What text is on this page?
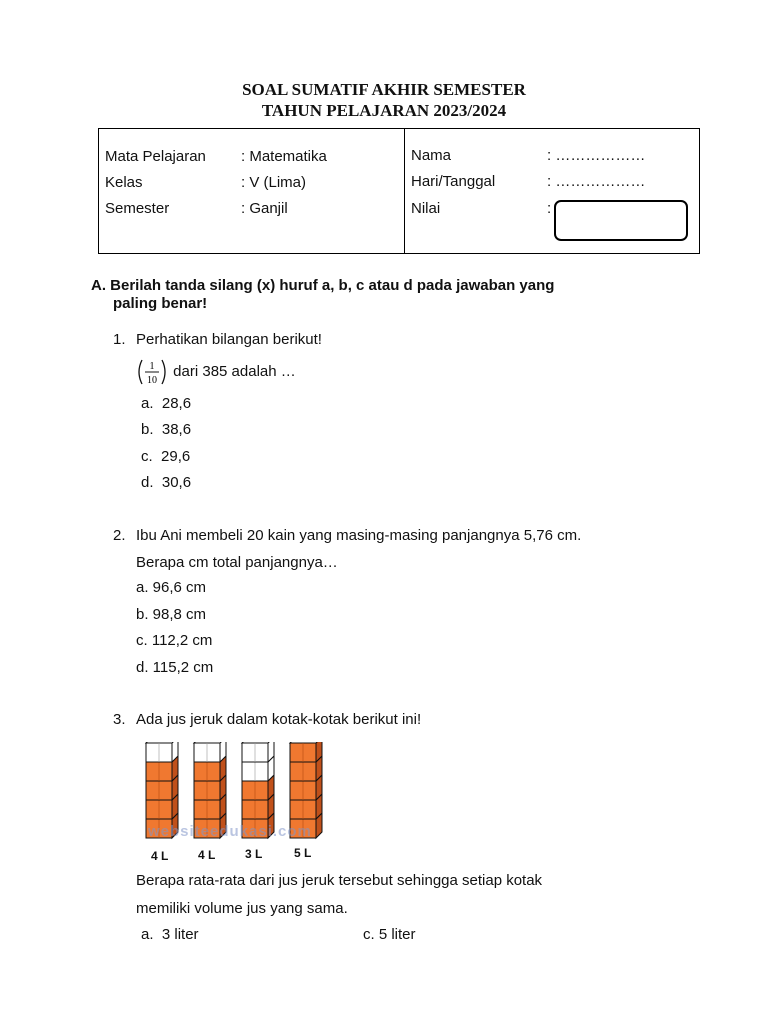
SOAL SUMATIF AKHIR SEMESTER
TAHUN PELAJARAN 2023/2024
Mata Pelajaran : Matematika
Kelas	: V (Lima)
Semester	: Ganjil
Nama	: ………………
Hari/Tanggal	: ………………
Nilai	:
A. Berilah tanda silang (x) huruf a, b, c atau d pada jawaban yang
paling benar!
1. Perhatikan bilangan berikut!
1
10
dari 385 adalah …
a. 28,6
b. 38,6
c. 29,6
d. 30,6
2. Ibu Ani membeli 20 kain yang masing-masing panjangnya 5,76 cm.
Berapa cm total panjangnya…
a. 96,6 cm
b. 98,8 cm
c. 112,2 cm
d. 115,2 cm
3. Ada jus jeruk dalam kotak-kotak berikut ini!
websiteedukasi.com
4 L 4 L 3 L	5 L
Berapa rata-rata dari jus jeruk tersebut sehingga setiap kotak
memiliki volume jus yang sama.
a. 3 liter	c. 5 liter
